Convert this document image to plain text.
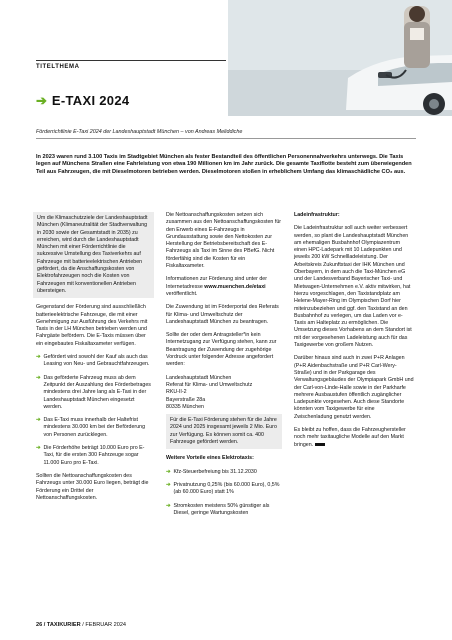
TITELTHEMA
➔ E-TAXI 2024
Förderrichtlinie E-Taxi 2024 der Landeshauptstadt München – von Andreas Meliddiche

In 2023 waren rund 3.100 Taxis im Stadtgebiet München als fester Bestandteil des öffentlichen Personennahverkehrs unterwegs. Die Taxis legen auf Münchens Straßen eine Fahrleistung von etwa 190 Millionen km im Jahr zurück. Die gesamte Taxiflotte besteht zum überwiegenden Teil aus Fahrzeugen, die mit Dieselmotoren betrieben werden. Dieselmotoren stoßen in erheblichem Umfang das klimaschädliche CO₂ aus.

Um die Klimaschutzziele der Landeshauptstadt München (Klimaneutralität der Stadtverwaltung in 2030 sowie der Gesamtstadt in 2035) zu erreichen, wird durch die Landeshauptstadt München mit einer Förderrichtlinie die sukzessive Umstellung des Taxiverkehrs auf Fahrzeuge mit batterieelektrischen Antrieben gefördert, da die Anschaffungskosten von Elektrofahrzeugen noch die Kosten von Fahrzeugen mit konventionellen Antrieben übersteigen.

Gegenstand der Förderung sind ausschließlich batterieelektrische Fahrzeuge, die mit einer Genehmigung zur Ausführung des Verkehrs mit Taxis in der LH München betrieben werden und Fahrgäste befördern. Die E-Taxis müssen über ein eingebautes Fiskaltaxameter verfügen.

➔ Gefördert wird sowohl der Kauf als auch das Leasing von Neu- und Gebrauchtfahrzeugen.
➔ Das geförderte Fahrzeug muss ab dem Zeitpunkt der Auszahlung des Förderbetrages mindestens drei Jahre lang als E-Taxi in der Landeshauptstadt München eingesetzt werden.
➔ Das E-Taxi muss innerhalb der Haltefrist mindestens 30.000 km bei der Beförderung von Personen zurücklegen.
➔ Die Förderhöhe beträgt 10.000 Euro pro E-Taxi, für die ersten 300 Fahrzeuge sogar 11.000 Euro pro E-Taxi.

Sollten die Nettoanschaffungskosten des Fahrzeugs unter 30.000 Euro liegen, beträgt die Förderung ein Drittel der Nettoanschaffungskosten.

Die Nettoanschaffungskosten setzen sich zusammen aus den Nettoanschaffungskosten für den Erwerb eines E-Fahrzeugs in Grundausstattung sowie den Nettokosten zur Herstellung der Betriebsbereitschaft des E-Fahrzeugs als Taxi im Sinne des PBefG. Nicht förderfähig sind die Kosten für ein Fiskaltaxameter.

Informationen zur Förderung sind unter der Internetadresse www.muenchen.de/etaxi veröffentlicht.

Die Zuwendung ist im Förderportal des Referats für Klima- und Umweltschutz der Landeshauptstadt München zu beantragen.

Sollte der oder dem Antragsteller*in kein Internetzugang zur Verfügung stehen, kann zur Beantragung der Zuwendung der zugehörige Vordruck unter folgender Adresse angefordert werden:

Landeshauptstadt München
Referat für Klima- und Umweltschutz
RKU-II-2
Bayerstraße 28a
80335 München

Für die E-Taxi Förderung stehen für die Jahre 2024 und 2025 insgesamt jeweils 2 Mio. Euro zur Verfügung. Es können somit ca. 400 Fahrzeuge gefördert werden.
Weitere Vorteile eines Elektrotaxis:
➔ Kfz-Steuerbefreiung bis 31.12.2030
➔ Privatnutzung 0,25% (bis 60.000 Euro), 0,5% (ab 60.000 Euro) statt 1%
➔ Stromkosten meistens 50% günstiger als Diesel, geringe Wartungskosten
Ladeinfrastruktur:

Die Ladeinfrastruktur soll auch weiter verbessert werden, so plant die Landeshauptstadt München am ehemaligen Busbahnhof Olympiazentrum einen HPC-Ladepark mit 10 Ladepunkten und jeweils 200 kW Schnellladeleistung. Der Arbeitskreis Zukunftstaxi der IHK München und Oberbayern, in dem auch die Taxi-München eG und der Landesverband Bayerischer Taxi- und Mietwagen-Unternehmen e.V. aktiv mitwirken, hat hierzu vorgeschlagen, den Taxistandplatz am Helene-Mayer-Ring im Olympischen Dorf hier miteinzubeziehen und ggf. den Taxistand an den Busbahnhof zu verlegen, um das Laden vor e-Taxis am Halteplatz zu ermöglichen. Die Umsetzung dieses Vorhabens an dem Standort ist mit der vorgesehenen Ladeleistung auch für das Taxigewerbe von großem Nutzen.

Darüber hinaus sind auch in zwei P+R Anlagen (P+R Aidenbachstraße und P+R Carl-Wery-Straße) und in der Parkgarage des Verwaltungsgebäudes der Olympiapark GmbH und der Carl-von-Linde-Halle sowie in der Parkharfe mehrere Ausbaustufen öffentlich zugänglicher Ladepunkte vorgesehen. Auch diese Standorte könnten vom Taxigewerbe für eine Zwischenladung genutzt werden.

Es bleibt zu hoffen, dass die Fahrzeughersteller noch mehr taxitaugliche Modelle auf den Markt bringen.

26 / TAXIKURIER / FEBRUAR 2024
